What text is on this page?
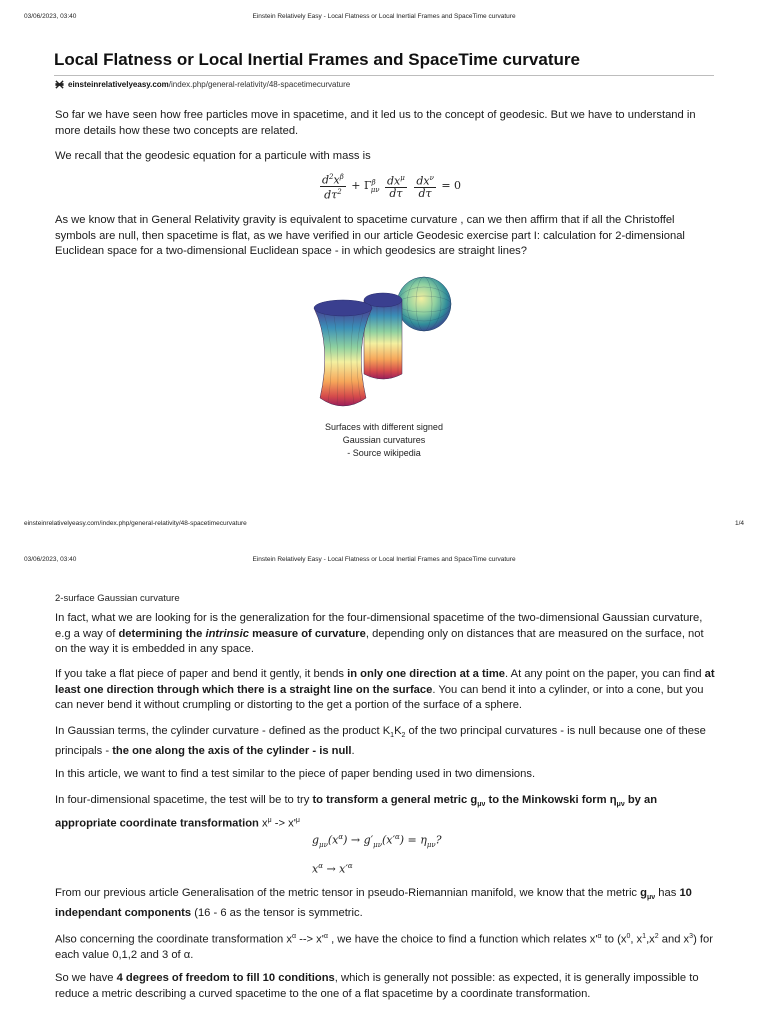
03/06/2023, 03:40	Einstein Relatively Easy - Local Flatness or Local Inertial Frames and SpaceTime curvature
Local Flatness or Local Inertial Frames and SpaceTime curvature
einsteinrelativelyeasy.com/index.php/general-relativity/48-spacetimecurvature

So far we have seen how free particles move in spacetime, and it led us to the concept of geodesic. But we have to understand in more details how these two concepts are related.

We recall that the geodesic equation for a particule with mass is

$\frac{d^2x^\beta}{d\tau^2} + \Gamma^\beta_{\mu\nu} \frac{dx^\mu}{d\tau}$
$\frac{dx^\nu}{d\tau} = 0$

As we know that in General Relativity gravity is equivalent to spacetime curvature , can we then affirm that if all the Christoffel symbols are null, then spacetime is flat, as we have verified in our article Geodesic exercise part I: calculation for 2-dimensional Euclidean space for a two-dimensional Euclidean space - in which geodesics are straight lines?

Surfaces with different signed
Gaussian curvatures
- Source wikipedia
einsteinrelativelyeasy.com/index.php/general-relativity/48-spacetimecurvature	1/4
03/06/2023, 03:40	Einstein Relatively Easy - Local Flatness or Local Inertial Frames and SpaceTime curvature
2-surface Gaussian curvature

In fact, what we are looking for is the generalization for the four-dimensional spacetime of the two-dimensional Gaussian curvature, e.g a way of determining the intrinsic measure of curvature, depending only on distances that are measured on the surface, not on the way it is embedded in any space.

If you take a flat piece of paper and bend it gently, it bends in only one direction at a time. At any point on the paper, you can find at least one direction through which there is a straight line on the surface. You can bend it into a cylinder, or into a cone, but you can never bend it without crumpling or distorting to the get a portion of the surface of a sphere.

In Gaussian terms, the cylinder curvature - defined as the product $K_1K_2$ of the two principal curvatures - is null because one of these principals - the one along the axis of the cylinder - is null.

In this article, we want to find a test similar to the piece of paper bending used in two dimensions.

In four-dimensional spacetime, the test will be to try to transform a general metric $g_{\mu\nu}$ to the Minkowski form $\eta_{\mu\nu}$ by an appropriate coordinate transformation $x^\mu -> x'^\mu$

$g_{\mu\nu}(x^\alpha) \to g'_{\mu\nu}(x'^\alpha) = \eta_{\mu\nu}$?
$x^\alpha \to x'^\alpha$

From our previous article Generalisation of the metric tensor in pseudo-Riemannian manifold, we know that the metric $g_{\mu\nu}$ has 10 independant components (16 - 6 as the tensor is symmetric.

Also concerning the coordinate transformation $x^\alpha$ --> $x'^\alpha$ , we have the choice to find a function which relates $x'^\alpha$ to ($x^0$, $x^1,x^2$ and $x^3$) for each value 0,1,2 and 3 of α.

So we have 4 degrees of freedom to fill 10 conditions, which is generally not possible: as expected, it is generally impossible to reduce a metric describing a curved spacetime to the one of a flat spacetime by a coordinate transformation.
